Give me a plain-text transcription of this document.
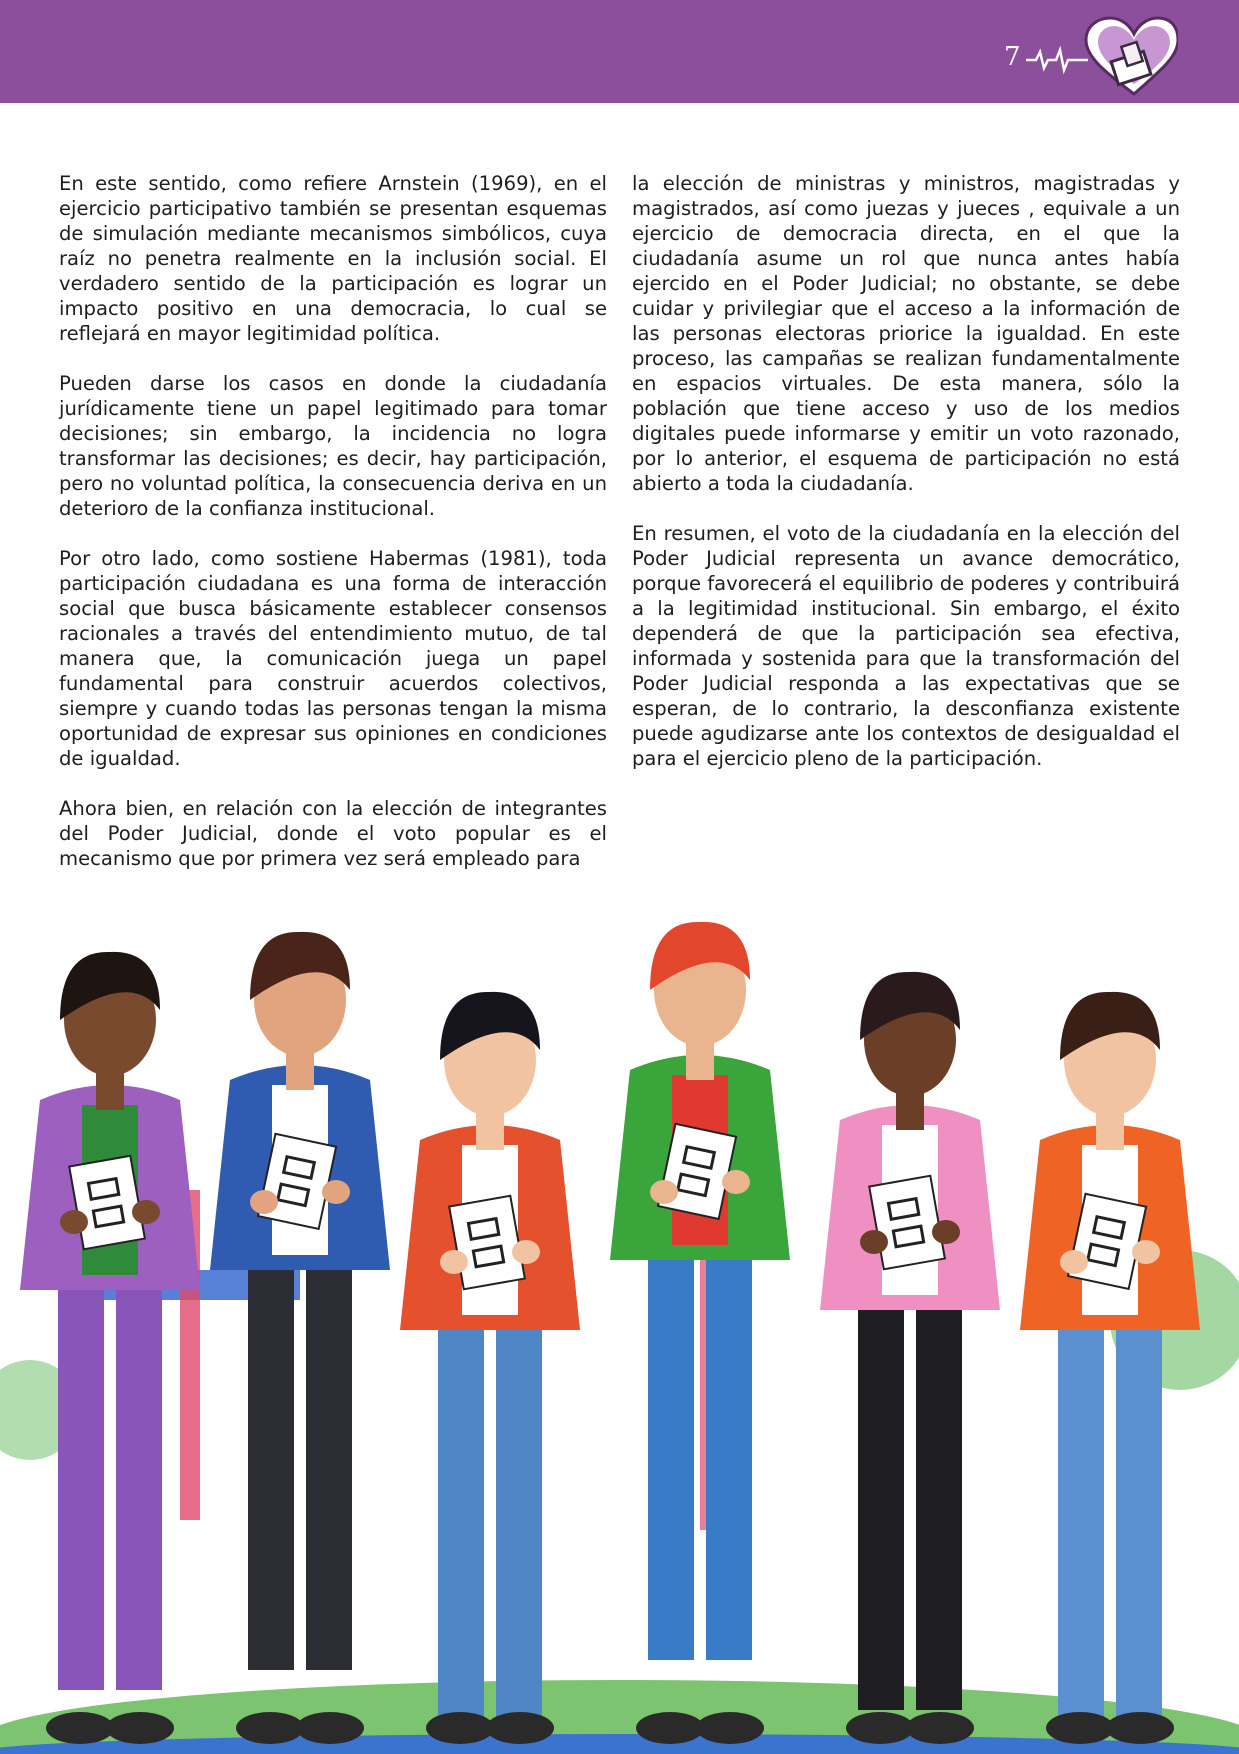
7

En este sentido, como refiere Arnstein (1969), en el ejercicio participativo también se presentan esquemas de simulación mediante mecanismos simbólicos, cuya raíz no penetra realmente en la inclusión social. El verdadero sentido de la participación es lograr un impacto positivo en una democracia, lo cual se reflejará en mayor legitimidad política.

Pueden darse los casos en donde la ciudadanía jurídicamente tiene un papel legitimado para tomar decisiones; sin embargo, la incidencia no logra transformar las decisiones; es decir, hay participación, pero no voluntad política, la consecuencia deriva en un deterioro de la confianza institucional.

Por otro lado, como sostiene Habermas (1981), toda participación ciudadana es una forma de interacción social que busca básicamente establecer consensos racionales a través del entendimiento mutuo, de tal manera que, la comunicación juega un papel fundamental para construir acuerdos colectivos, siempre y cuando todas las personas tengan la misma oportunidad de expresar sus opiniones en condiciones de igualdad.

Ahora bien, en relación con la elección de integrantes del Poder Judicial, donde el voto popular es el mecanismo que por primera vez será empleado para

la elección de ministras y ministros, magistradas y magistrados, así como juezas y jueces , equivale a un ejercicio de democracia directa, en el que la ciudadanía asume un rol que nunca antes había ejercido en el Poder Judicial; no obstante, se debe cuidar y privilegiar que el acceso a la información de las personas electoras priorice la igualdad. En este proceso, las campañas se realizan fundamentalmente en espacios virtuales. De esta manera, sólo la población que tiene acceso y uso de los medios digitales puede informarse y emitir un voto razonado, por lo anterior, el esquema de participación no está abierto a toda la ciudadanía.

En resumen, el voto de la ciudadanía en la elección del Poder Judicial representa un avance democrático, porque favorecerá el equilibrio de poderes y contribuirá a la legitimidad institucional. Sin embargo, el éxito dependerá de que la participación sea efectiva, informada y sostenida para que la transformación del Poder Judicial responda a las expectativas que se esperan, de lo contrario, la desconfianza existente puede agudizarse ante los contextos de desigualdad el para el ejercicio pleno de la participación.
